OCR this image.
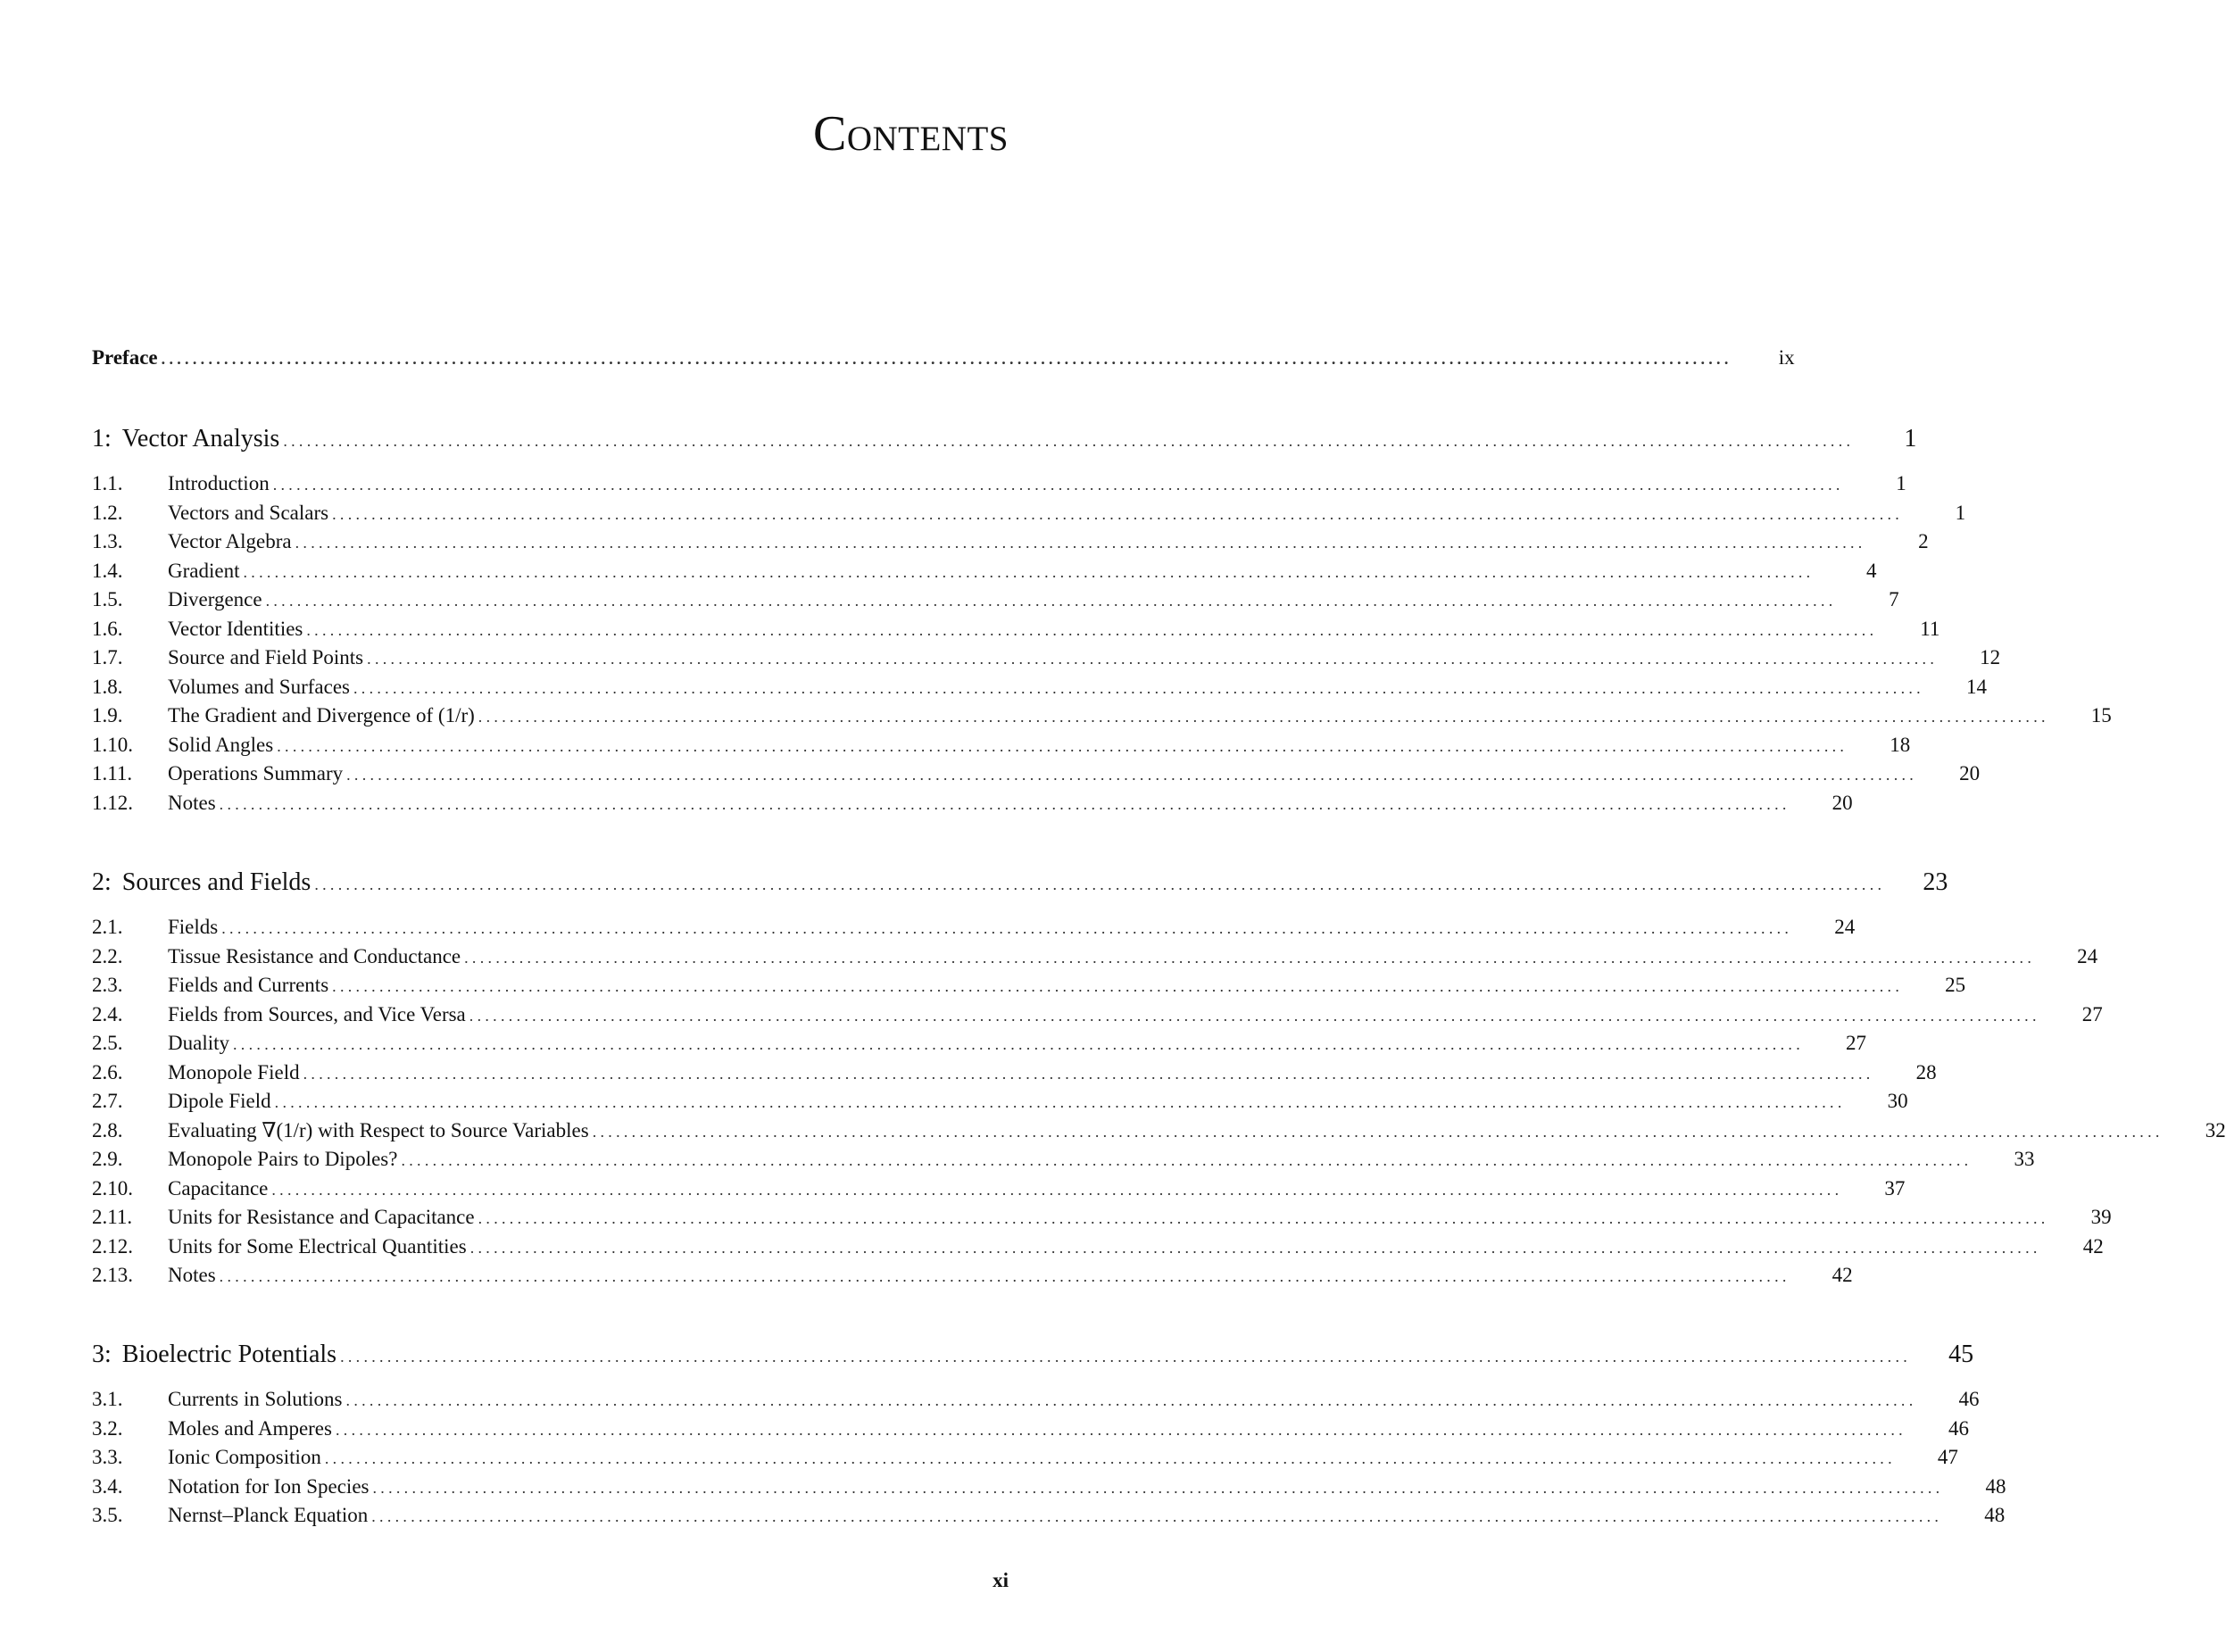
Contents
Preface ........................................................................................................................................................................................................	ix
1: Vector Analysis ........................................................................................................................................................................................................	1
1.1.	Introduction ........................................................................................................................................................................................................	1
1.2.	Vectors and Scalars ........................................................................................................................................................................................................	1
1.3.	Vector Algebra ........................................................................................................................................................................................................	2
1.4.	Gradient ........................................................................................................................................................................................................	4
1.5.	Divergence ........................................................................................................................................................................................................	7
1.6.	Vector Identities ........................................................................................................................................................................................................	11
1.7.	Source and Field Points ........................................................................................................................................................................................................	12
1.8.	Volumes and Surfaces ........................................................................................................................................................................................................	14
1.9.	The Gradient and Divergence of (1/r) ........................................................................................................................................................................................................	15
1.10.	Solid Angles ........................................................................................................................................................................................................	18
1.11.	Operations Summary ........................................................................................................................................................................................................	20
1.12.	Notes ........................................................................................................................................................................................................	20
2: Sources and Fields ........................................................................................................................................................................................................ 23
2.1.	Fields ........................................................................................................................................................................................................	24
2.2.	Tissue Resistance and Conductance ........................................................................................................................................................................................................	24
2.3.	Fields and Currents ........................................................................................................................................................................................................	25
2.4.	Fields from Sources, and Vice Versa ........................................................................................................................................................................................................	27
2.5.	Duality ........................................................................................................................................................................................................	27
2.6.	Monopole Field ........................................................................................................................................................................................................	28
2.7.	Dipole Field ........................................................................................................................................................................................................	30
2.8.	Evaluating ∇(1/r) with Respect to Source Variables ........................................................................................................................................................................................................	32
2.9.	Monopole Pairs to Dipoles? ........................................................................................................................................................................................................	33
2.10.	Capacitance ........................................................................................................................................................................................................	37
2.11.	Units for Resistance and Capacitance ........................................................................................................................................................................................................	39
2.12.	Units for Some Electrical Quantities ........................................................................................................................................................................................................	42
2.13.	Notes ........................................................................................................................................................................................................	42
3: Bioelectric Potentials ........................................................................................................................................................................................................ 45
3.1.	Currents in Solutions ........................................................................................................................................................................................................	46
3.2.	Moles and Amperes ........................................................................................................................................................................................................	46
3.3.	Ionic Composition ........................................................................................................................................................................................................	47
3.4.	Notation for Ion Species ........................................................................................................................................................................................................	48
3.5.	Nernst–Planck Equation ........................................................................................................................................................................................................	48
xi
